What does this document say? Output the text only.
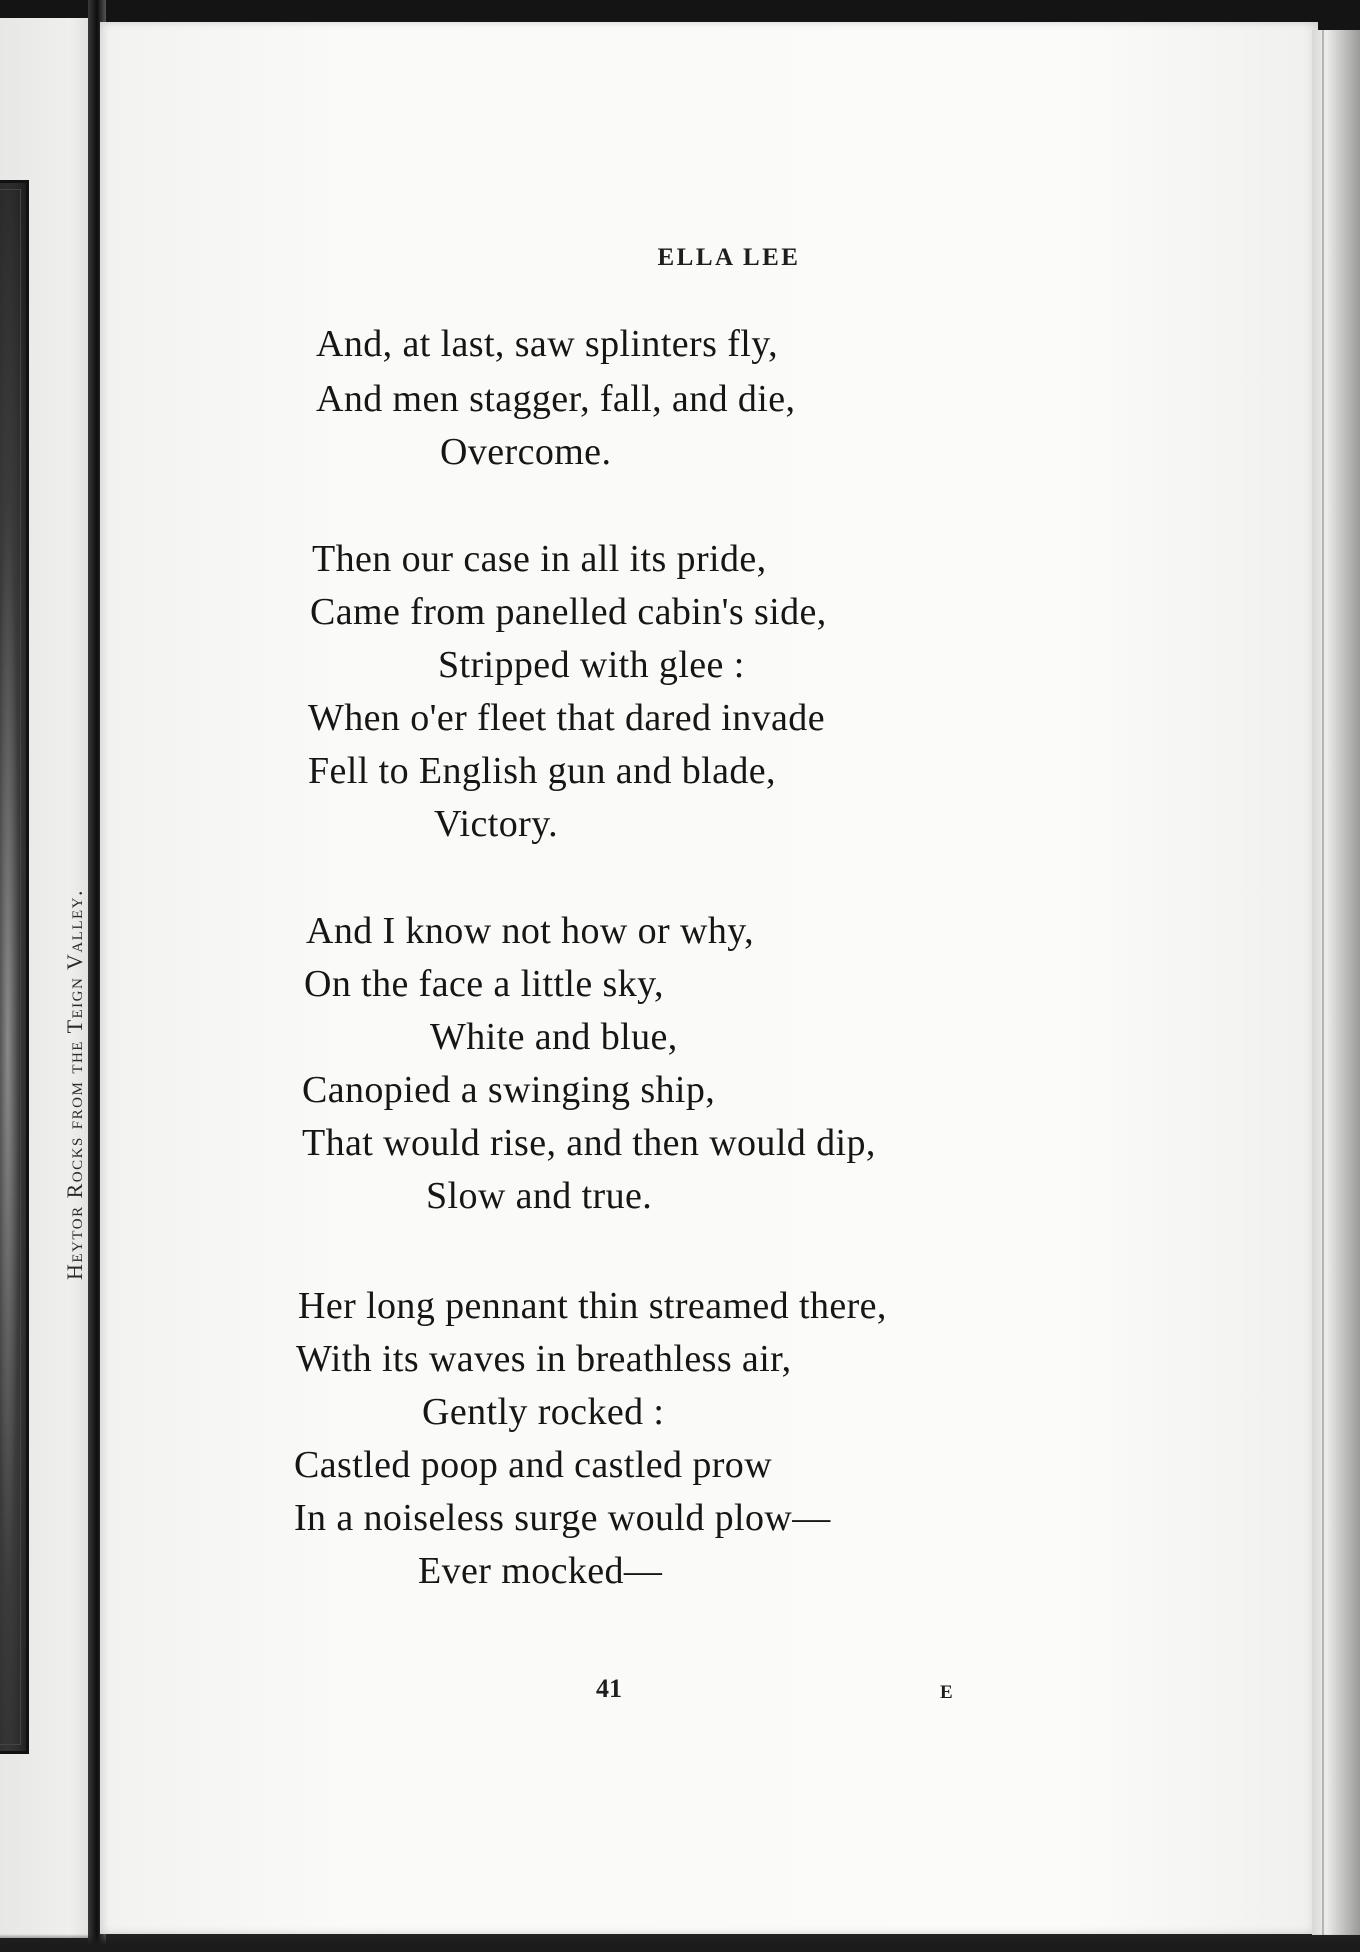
Heytor Rocks from the Teign Valley.
ELLA LEE
And, at last, saw splinters fly,
And men stagger, fall, and die,
Overcome.
Then our case in all its pride,
Came from panelled cabin's side,
Stripped with glee :
When o'er fleet that dared invade
Fell to English gun and blade,
Victory.
And I know not how or why,
On the face a little sky,
White and blue,
Canopied a swinging ship,
That would rise, and then would dip,
Slow and true.
Her long pennant thin streamed there,
With its waves in breathless air,
Gently rocked :
Castled poop and castled prow
In a noiseless surge would plow—
Ever mocked—
41	E
